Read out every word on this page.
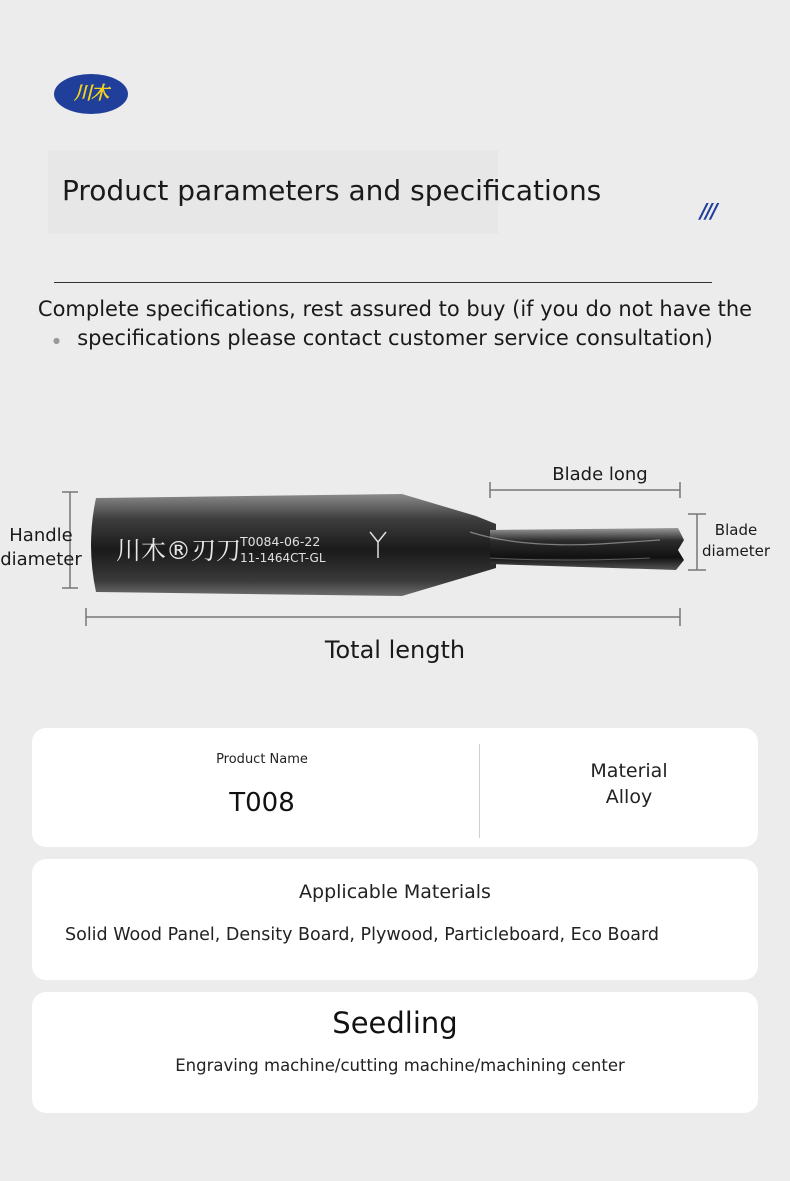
川木
Product parameters and specifications
///
Complete specifications, rest assured to buy (if you do not have the specifications please contact customer service consultation)
●
川木®刃刀
T0084-06-22
11-1464CT-GL
Handle diameter
Blade long
Blade diameter
Total length
Product Name
T008
Material
Alloy
Applicable Materials
Solid Wood Panel, Density Board, Plywood, Particleboard, Eco Board
Seedling
Engraving machine/cutting machine/machining center
